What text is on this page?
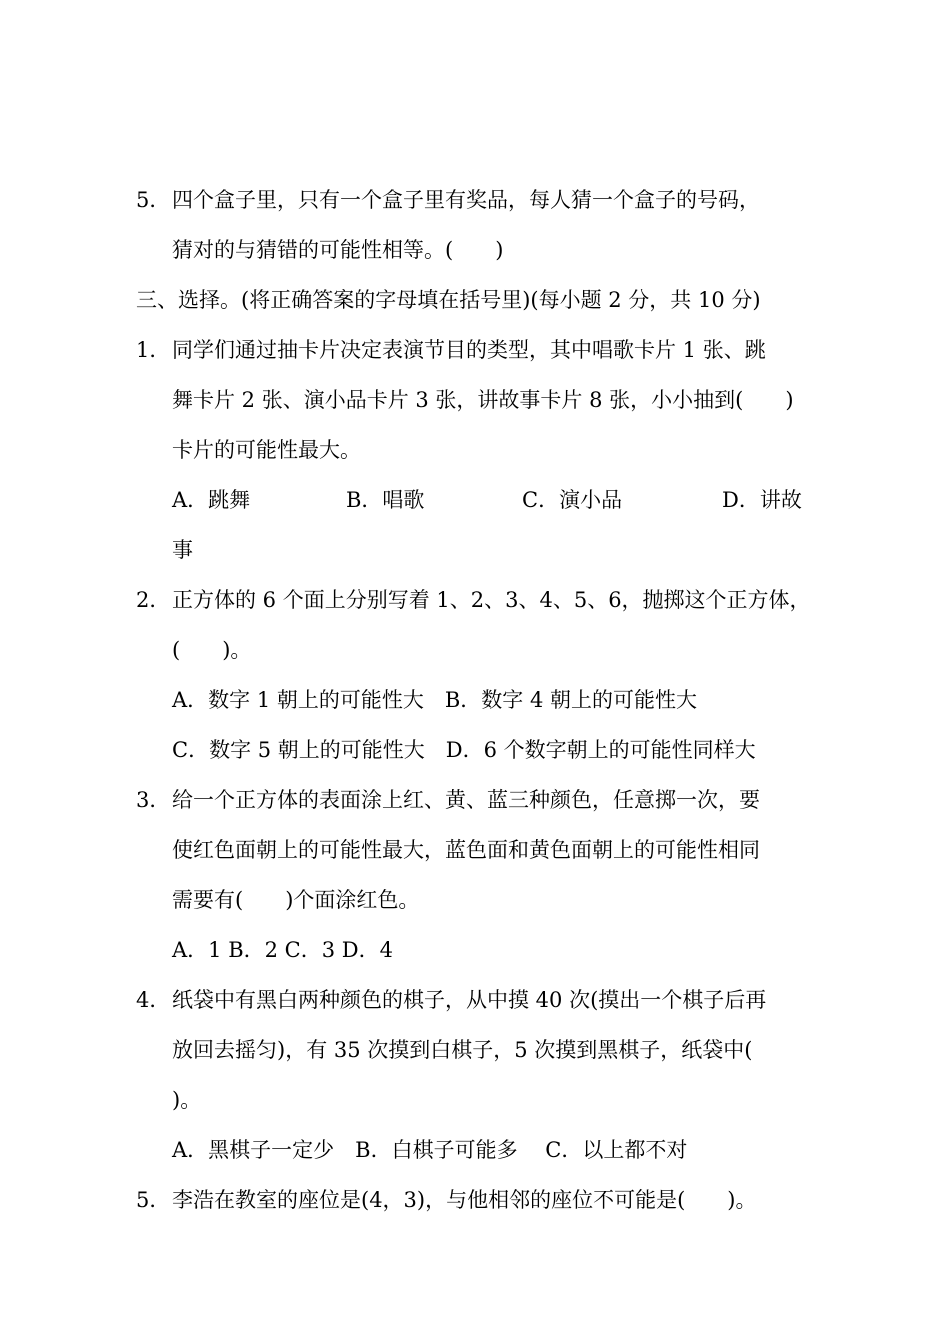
5． 四个盒子里，只有一个盒子里有奖品，每人猜一个盒子的号码，
猜对的与猜错的可能性相等。(　　)
三、选择。(将正确答案的字母填在括号里)(每小题 2 分，共 10 分)
1． 同学们通过抽卡片决定表演节目的类型，其中唱歌卡片 1 张、跳
舞卡片 2 张、演小品卡片 3 张，讲故事卡片 8 张，小小抽到(　　)
卡片的可能性最大。
A．跳舞	B．唱歌	C．演小品	D．讲故
事
2． 正方体的 6 个面上分别写着 1、2、3、4、5、6，抛掷这个正方体，
(　　)。
A．数字 1 朝上的可能性大　B．数字 4 朝上的可能性大
C．数字 5 朝上的可能性大　D．6 个数字朝上的可能性同样大
3． 给一个正方体的表面涂上红、黄、蓝三种颜色，任意掷一次，要
使红色面朝上的可能性最大，蓝色面和黄色面朝上的可能性相同
需要有(　　)个面涂红色。
A．1 B．2 C．3 D．4
4． 纸袋中有黑白两种颜色的棋子，从中摸 40 次(摸出一个棋子后再
放回去摇匀)，有 35 次摸到白棋子，5 次摸到黑棋子，纸袋中(
)。
A．黑棋子一定少　B．白棋子可能多　 C．以上都不对
5． 李浩在教室的座位是(4，3)，与他相邻的座位不可能是(　　)。
